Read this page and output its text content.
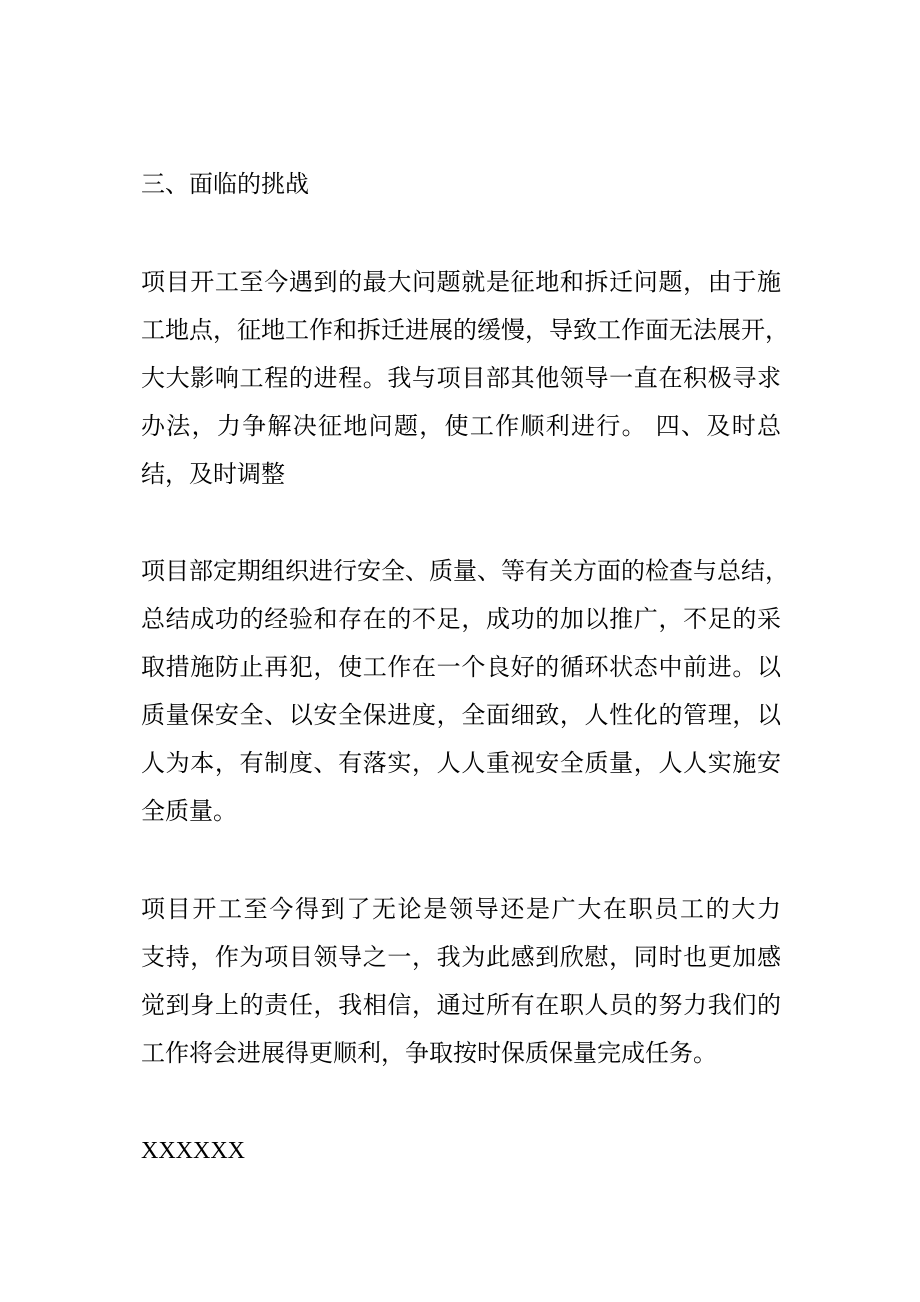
三、面临的挑战
项目开工至今遇到的最大问题就是征地和拆迁问题，由于施
工地点，征地工作和拆迁进展的缓慢，导致工作面无法展开，
大大影响工程的进程。我与项目部其他领导一直在积极寻求
办法，力争解决征地问题，使工作顺利进行。 四、及时总
结，及时调整
项目部定期组织进行安全、质量、等有关方面的检查与总结，
总结成功的经验和存在的不足，成功的加以推广，不足的采
取措施防止再犯，使工作在一个良好的循环状态中前进。以
质量保安全、以安全保进度，全面细致，人性化的管理，以
人为本，有制度、有落实，人人重视安全质量，人人实施安
全质量。
项目开工至今得到了无论是领导还是广大在职员工的大力
支持，作为项目领导之一，我为此感到欣慰，同时也更加感
觉到身上的责任，我相信，通过所有在职人员的努力我们的
工作将会进展得更顺利，争取按时保质保量完成任务。
XXXXXX
